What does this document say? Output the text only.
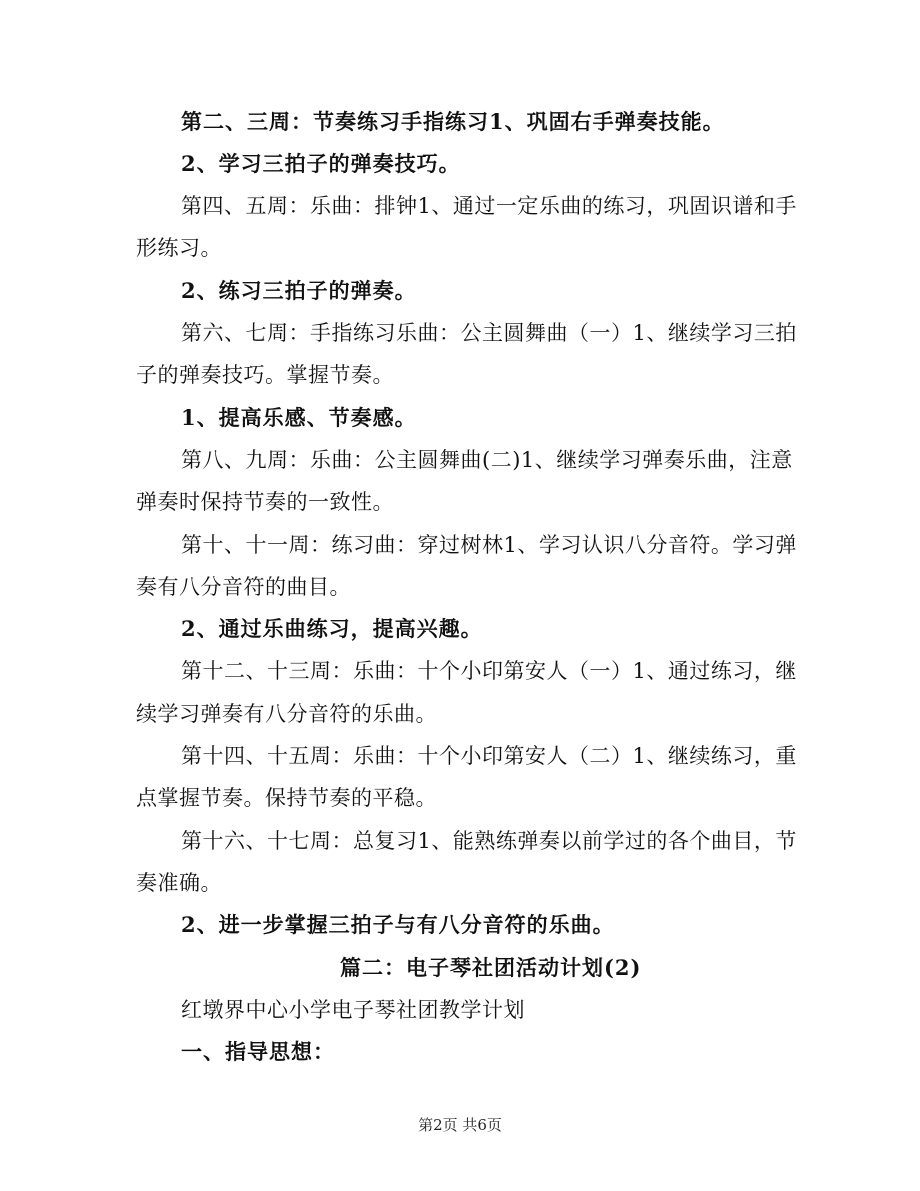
第二、三周：节奏练习手指练习1、巩固右手弹奏技能。
2、学习三拍子的弹奏技巧。
第四、五周：乐曲：排钟1、通过一定乐曲的练习，巩固识谱和手
形练习。
2、练习三拍子的弹奏。
第六、七周：手指练习乐曲：公主圆舞曲（一）1、继续学习三拍
子的弹奏技巧。掌握节奏。
1、提高乐感、节奏感。
第八、九周：乐曲：公主圆舞曲(二)1、继续学习弹奏乐曲，注意
弹奏时保持节奏的一致性。
第十、十一周：练习曲：穿过树林1、学习认识八分音符。学习弹
奏有八分音符的曲目。
2、通过乐曲练习，提高兴趣。
第十二、十三周：乐曲：十个小印第安人（一）1、通过练习，继
续学习弹奏有八分音符的乐曲。
第十四、十五周：乐曲：十个小印第安人（二）1、继续练习，重
点掌握节奏。保持节奏的平稳。
第十六、十七周：总复习1、能熟练弹奏以前学过的各个曲目，节
奏准确。
2、进一步掌握三拍子与有八分音符的乐曲。
篇二：电子琴社团活动计划(2)
红墩界中心小学电子琴社团教学计划
一、指导思想：
第2页 共6页
